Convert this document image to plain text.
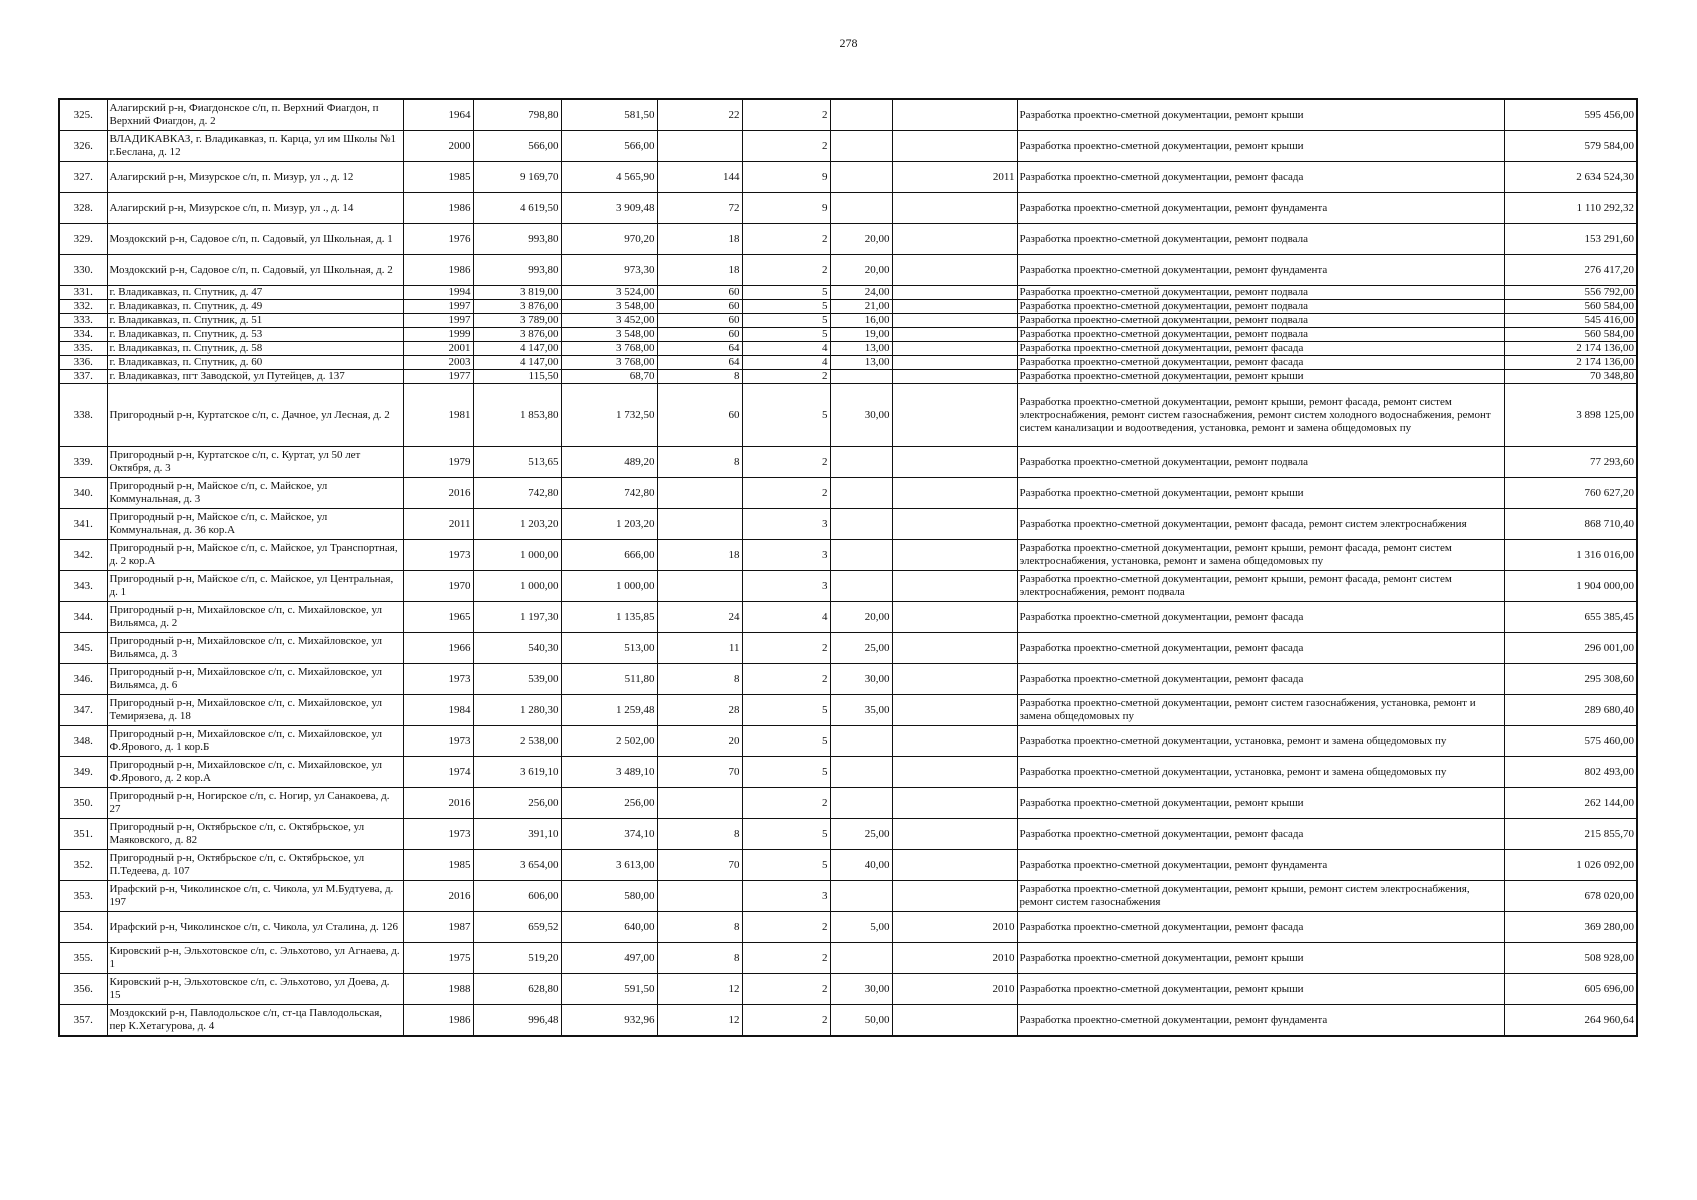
278
325.	Алагирский р-н, Фиагдонское с/п, п. Верхний Фиагдон, п Верхний Фиагдон, д. 2	1964	798,80	581,50	22	2			Разработка проектно-сметной документации, ремонт крыши	595 456,00
326.	ВЛАДИКАВКАЗ, г. Владикавказ, п. Карца, ул им Школы №1 г.Беслана, д. 12	2000	566,00	566,00		2			Разработка проектно-сметной документации, ремонт крыши	579 584,00
327.	Алагирский р-н, Мизурское с/п, п. Мизур, ул ., д. 12	1985	9 169,70	4 565,90	144	9		2011	Разработка проектно-сметной документации, ремонт фасада	2 634 524,30
328.	Алагирский р-н, Мизурское с/п, п. Мизур, ул ., д. 14	1986	4 619,50	3 909,48	72	9			Разработка проектно-сметной документации, ремонт фундамента	1 110 292,32
329.	Моздокский р-н, Садовое с/п, п. Садовый, ул Школьная, д. 1	1976	993,80	970,20	18	2	20,00		Разработка проектно-сметной документации, ремонт подвала	153 291,60
330.	Моздокский р-н, Садовое с/п, п. Садовый, ул Школьная, д. 2	1986	993,80	973,30	18	2	20,00		Разработка проектно-сметной документации, ремонт фундамента	276 417,20
331.	г. Владикавказ, п. Спутник, д. 47	1994	3 819,00	3 524,00	60	5	24,00		Разработка проектно-сметной документации, ремонт подвала	556 792,00
332.	г. Владикавказ, п. Спутник, д. 49	1997	3 876,00	3 548,00	60	5	21,00		Разработка проектно-сметной документации, ремонт подвала	560 584,00
333.	г. Владикавказ, п. Спутник, д. 51	1997	3 789,00	3 452,00	60	5	16,00		Разработка проектно-сметной документации, ремонт подвала	545 416,00
334.	г. Владикавказ, п. Спутник, д. 53	1999	3 876,00	3 548,00	60	5	19,00		Разработка проектно-сметной документации, ремонт подвала	560 584,00
335.	г. Владикавказ, п. Спутник, д. 58	2001	4 147,00	3 768,00	64	4	13,00		Разработка проектно-сметной документации, ремонт фасада	2 174 136,00
336.	г. Владикавказ, п. Спутник, д. 60	2003	4 147,00	3 768,00	64	4	13,00		Разработка проектно-сметной документации, ремонт фасада	2 174 136,00
337.	г. Владикавказ, пгт Заводской, ул Путейцев, д. 137	1977	115,50	68,70	8	2			Разработка проектно-сметной документации, ремонт крыши	70 348,80
338.	Пригородный р-н, Куртатское с/п, с. Дачное, ул Лесная, д. 2	1981	1 853,80	1 732,50	60	5	30,00		Разработка проектно-сметной документации, ремонт крыши, ремонт фасада, ремонт систем электроснабжения, ремонт систем газоснабжения, ремонт систем холодного водоснабжения, ремонт систем канализации и водоотведения, установка, ремонт и замена общедомовых пу	3 898 125,00
339.	Пригородный р-н, Куртатское с/п, с. Куртат, ул 50 лет Октября, д. 3	1979	513,65	489,20	8	2			Разработка проектно-сметной документации, ремонт подвала	77 293,60
340.	Пригородный р-н, Майское с/п, с. Майское, ул Коммунальная, д. 3	2016	742,80	742,80		2			Разработка проектно-сметной документации, ремонт крыши	760 627,20
341.	Пригородный р-н, Майское с/п, с. Майское, ул Коммунальная, д. 36 кор.А	2011	1 203,20	1 203,20		3			Разработка проектно-сметной документации, ремонт фасада, ремонт систем электроснабжения	868 710,40
342.	Пригородный р-н, Майское с/п, с. Майское, ул Транспортная, д. 2 кор.А	1973	1 000,00	666,00	18	3			Разработка проектно-сметной документации, ремонт крыши, ремонт фасада, ремонт систем электроснабжения, установка, ремонт и замена общедомовых пу	1 316 016,00
343.	Пригородный р-н, Майское с/п, с. Майское, ул Центральная, д. 1	1970	1 000,00	1 000,00		3			Разработка проектно-сметной документации, ремонт крыши, ремонт фасада, ремонт систем электроснабжения, ремонт подвала	1 904 000,00
344.	Пригородный р-н, Михайловское с/п, с. Михайловское, ул Вильямса, д. 2	1965	1 197,30	1 135,85	24	4	20,00		Разработка проектно-сметной документации, ремонт фасада	655 385,45
345.	Пригородный р-н, Михайловское с/п, с. Михайловское, ул Вильямса, д. 3	1966	540,30	513,00	11	2	25,00		Разработка проектно-сметной документации, ремонт фасада	296 001,00
346.	Пригородный р-н, Михайловское с/п, с. Михайловское, ул Вильямса, д. 6	1973	539,00	511,80	8	2	30,00		Разработка проектно-сметной документации, ремонт фасада	295 308,60
347.	Пригородный р-н, Михайловское с/п, с. Михайловское, ул Темирязева, д. 18	1984	1 280,30	1 259,48	28	5	35,00		Разработка проектно-сметной документации, ремонт систем газоснабжения, установка, ремонт и замена общедомовых пу	289 680,40
348.	Пригородный р-н, Михайловское с/п, с. Михайловское, ул Ф.Ярового, д. 1 кор.Б	1973	2 538,00	2 502,00	20	5			Разработка проектно-сметной документации, установка, ремонт и замена общедомовых пу	575 460,00
349.	Пригородный р-н, Михайловское с/п, с. Михайловское, ул Ф.Ярового, д. 2 кор.А	1974	3 619,10	3 489,10	70	5			Разработка проектно-сметной документации, установка, ремонт и замена общедомовых пу	802 493,00
350.	Пригородный р-н, Ногирское с/п, с. Ногир, ул Санакоева, д. 27	2016	256,00	256,00		2			Разработка проектно-сметной документации, ремонт крыши	262 144,00
351.	Пригородный р-н, Октябрьское с/п, с. Октябрьское, ул Маяковского, д. 82	1973	391,10	374,10	8	5	25,00		Разработка проектно-сметной документации, ремонт фасада	215 855,70
352.	Пригородный р-н, Октябрьское с/п, с. Октябрьское, ул П.Тедеева, д. 107	1985	3 654,00	3 613,00	70	5	40,00		Разработка проектно-сметной документации, ремонт фундамента	1 026 092,00
353.	Ирафский р-н, Чиколинское с/п, с. Чикола, ул М.Будтуева, д. 197	2016	606,00	580,00		3			Разработка проектно-сметной документации, ремонт крыши, ремонт систем электроснабжения, ремонт систем газоснабжения	678 020,00
354.	Ирафский р-н, Чиколинское с/п, с. Чикола, ул Сталина, д. 126	1987	659,52	640,00	8	2	5,00	2010	Разработка проектно-сметной документации, ремонт фасада	369 280,00
355.	Кировский р-н, Эльхотовское с/п, с. Эльхотово, ул Агнаева, д. 1	1975	519,20	497,00	8	2		2010	Разработка проектно-сметной документации, ремонт крыши	508 928,00
356.	Кировский р-н, Эльхотовское с/п, с. Эльхотово, ул Доева, д. 15	1988	628,80	591,50	12	2	30,00	2010	Разработка проектно-сметной документации, ремонт крыши	605 696,00
357.	Моздокский р-н, Павлодольское с/п, ст-ца Павлодольская, пер К.Хетагурова, д. 4	1986	996,48	932,96	12	2	50,00		Разработка проектно-сметной документации, ремонт фундамента	264 960,64
